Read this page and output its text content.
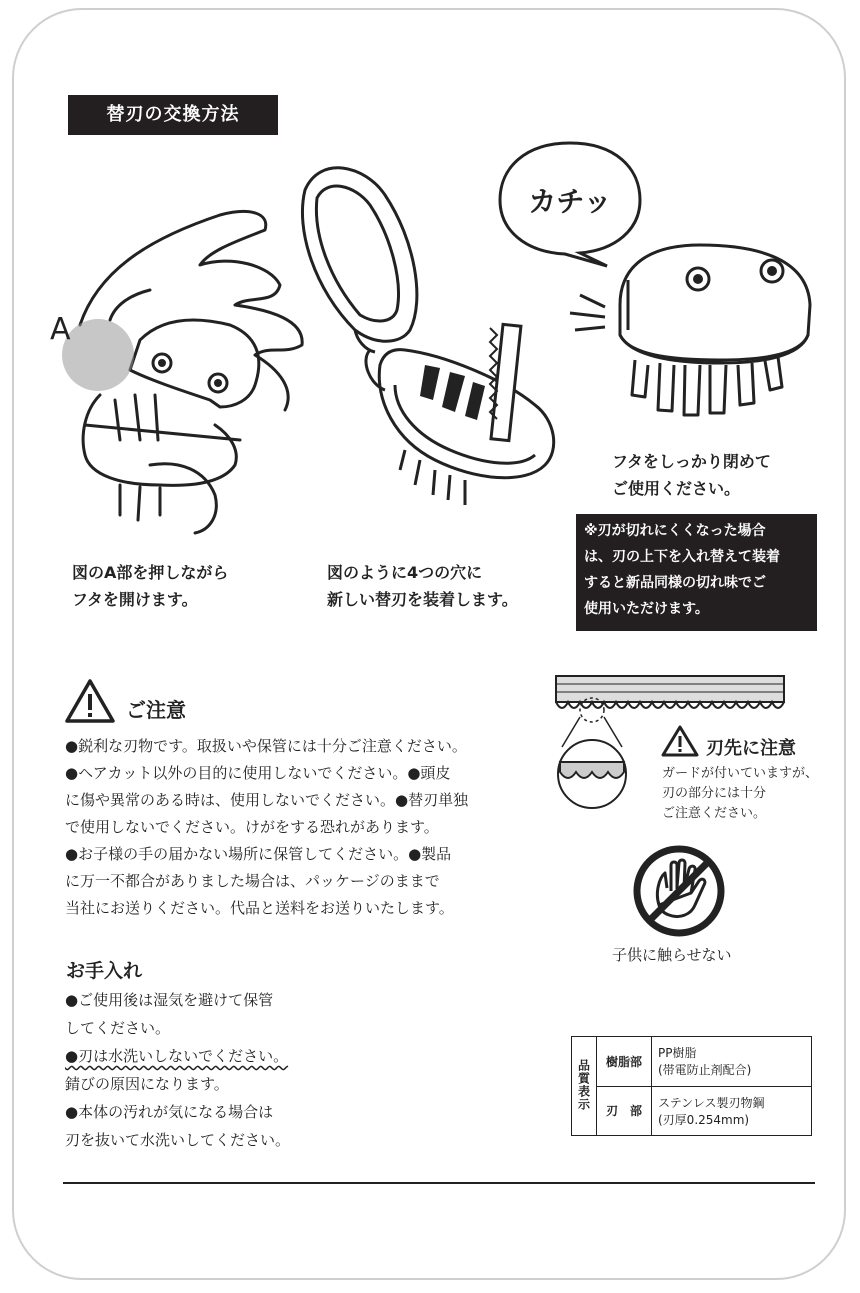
替刃の交換方法
A
カチッ
図のA部を押しながら
フタを開けます。
図のように4つの穴に
新しい替刃を装着します。
フタをしっかり閉めて
ご使用ください。
※刃が切れにくくなった場合
は、刃の上下を入れ替えて装着
すると新品同様の切れ味でご
使用いただけます。
ご注意
●鋭利な刃物です。取扱いや保管には十分ご注意ください。
●ヘアカット以外の目的に使用しないでください。●頭皮
に傷や異常のある時は、使用しないでください。●替刃単独
で使用しないでください。けがをする恐れがあります。
●お子様の手の届かない場所に保管してください。●製品
に万一不都合がありました場合は、パッケージのままで
当社にお送りください。代品と送料をお送りいたします。
刃先に注意
ガードが付いていますが、
刃の部分には十分
ご注意ください。
子供に触らせない
お手入れ
●ご使用後は湿気を避けて保管
してください。
●刃は水洗いしないでください。
錆びの原因になります。
●本体の汚れが気になる場合は
刃を抜いて水洗いしてください。
品質表示	樹脂部	PP樹脂
(帯電防止剤配合)

	刃　部	ステンレス製刃物鋼
(刃厚0.254mm)
